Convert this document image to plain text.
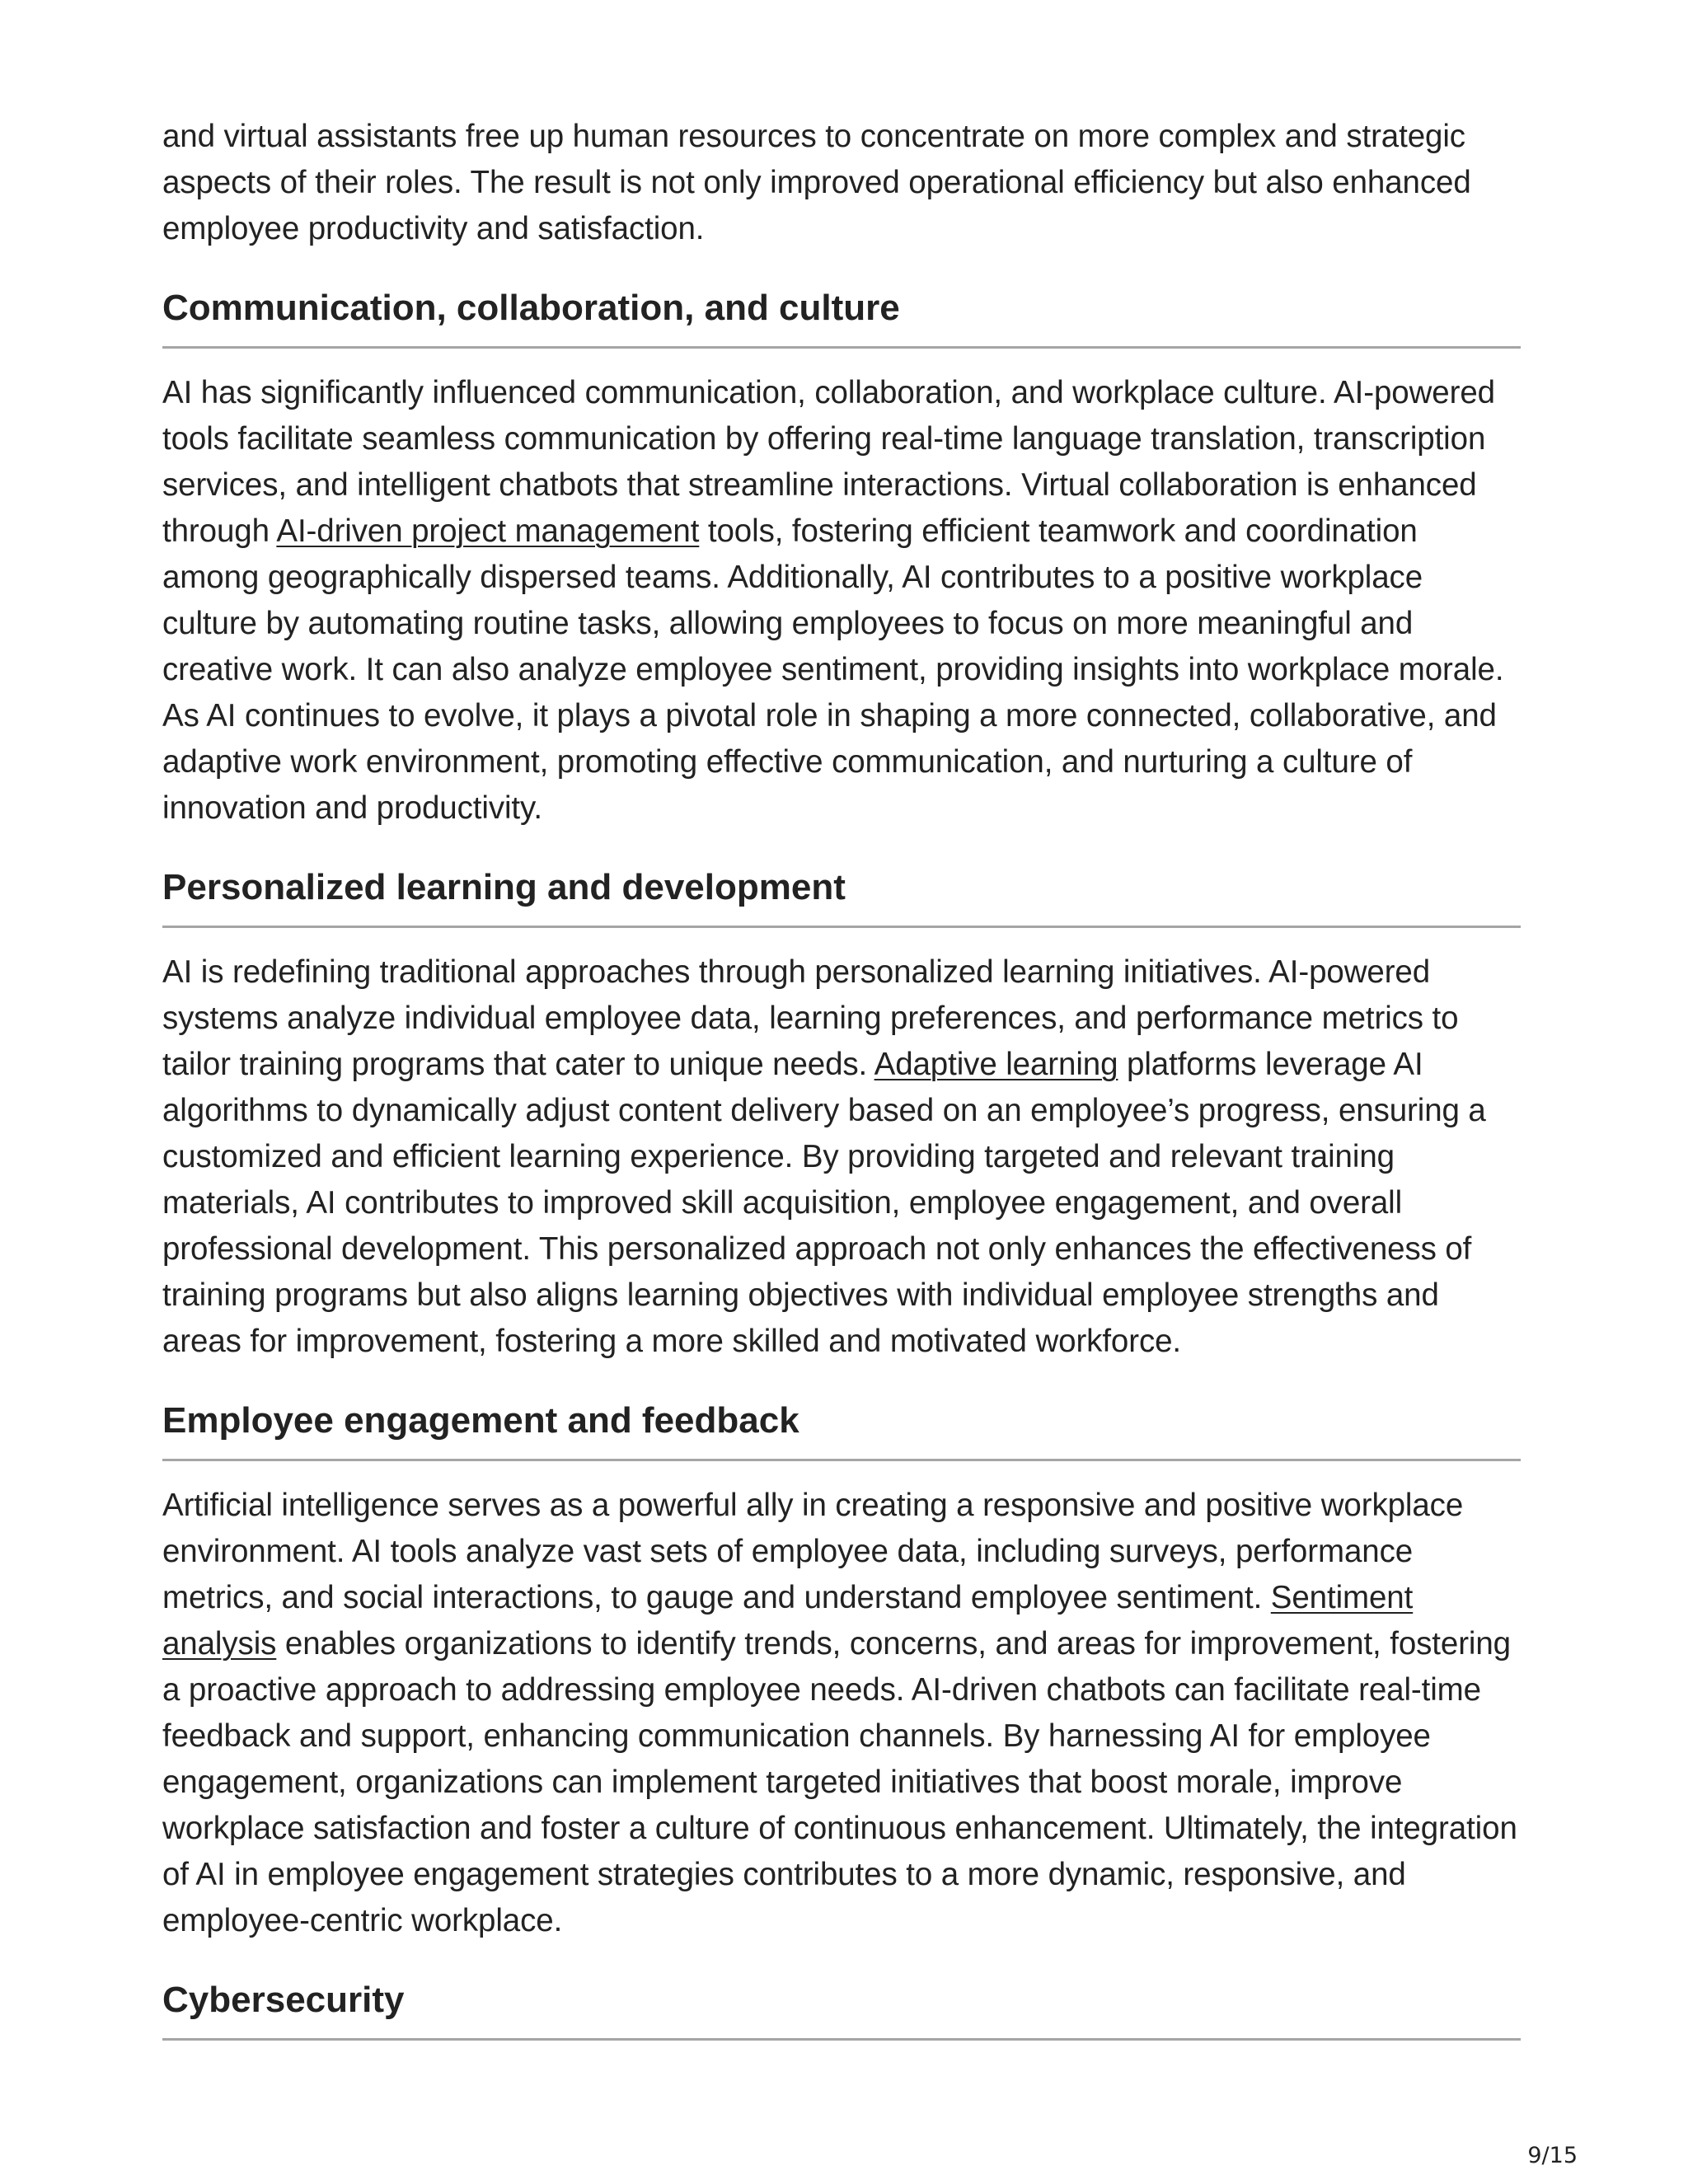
and virtual assistants free up human resources to concentrate on more complex and strategic aspects of their roles. The result is not only improved operational efficiency but also enhanced employee productivity and satisfaction.

Communication, collaboration, and culture

AI has significantly influenced communication, collaboration, and workplace culture. AI-powered tools facilitate seamless communication by offering real-time language translation, transcription services, and intelligent chatbots that streamline interactions. Virtual collaboration is enhanced through AI-driven project management tools, fostering efficient teamwork and coordination among geographically dispersed teams. Additionally, AI contributes to a positive workplace culture by automating routine tasks, allowing employees to focus on more meaningful and creative work. It can also analyze employee sentiment, providing insights into workplace morale. As AI continues to evolve, it plays a pivotal role in shaping a more connected, collaborative, and adaptive work environment, promoting effective communication, and nurturing a culture of innovation and productivity.

Personalized learning and development

AI is redefining traditional approaches through personalized learning initiatives. AI-powered systems analyze individual employee data, learning preferences, and performance metrics to tailor training programs that cater to unique needs. Adaptive learning platforms leverage AI algorithms to dynamically adjust content delivery based on an employee’s progress, ensuring a customized and efficient learning experience. By providing targeted and relevant training materials, AI contributes to improved skill acquisition, employee engagement, and overall professional development. This personalized approach not only enhances the effectiveness of training programs but also aligns learning objectives with individual employee strengths and areas for improvement, fostering a more skilled and motivated workforce.

Employee engagement and feedback

Artificial intelligence serves as a powerful ally in creating a responsive and positive workplace environment. AI tools analyze vast sets of employee data, including surveys, performance metrics, and social interactions, to gauge and understand employee sentiment. Sentiment analysis enables organizations to identify trends, concerns, and areas for improvement, fostering a proactive approach to addressing employee needs. AI-driven chatbots can facilitate real-time feedback and support, enhancing communication channels. By harnessing AI for employee engagement, organizations can implement targeted initiatives that boost morale, improve workplace satisfaction and foster a culture of continuous enhancement. Ultimately, the integration of AI in employee engagement strategies contributes to a more dynamic, responsive, and employee-centric workplace.

Cybersecurity
9/15
